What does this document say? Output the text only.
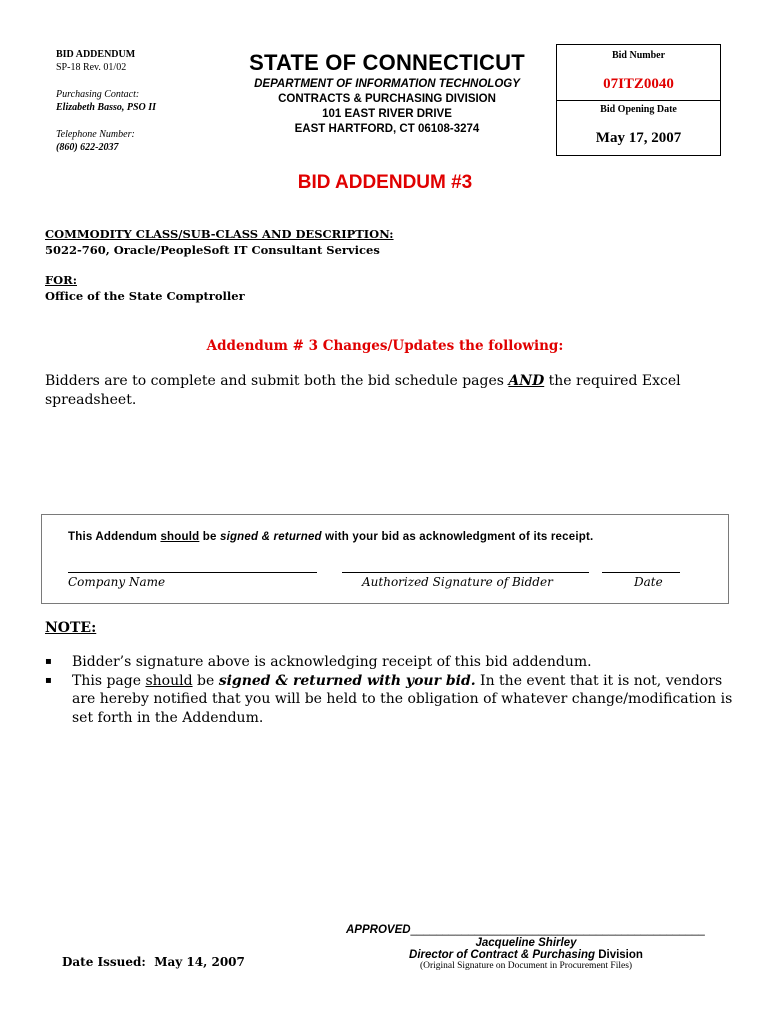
BID ADDENDUM
SP-18 Rev. 01/02
Purchasing Contact:
Elizabeth Basso, PSO II
Telephone Number:
(860) 622-2037
STATE OF CONNECTICUT
DEPARTMENT OF INFORMATION TECHNOLOGY
CONTRACTS & PURCHASING DIVISION
101 EAST RIVER DRIVE
EAST HARTFORD, CT 06108-3274
Bid Number
07ITZ0040
Bid Opening Date
May 17, 2007
BID ADDENDUM #3
COMMODITY CLASS/SUB-CLASS AND DESCRIPTION:
5022-760, Oracle/PeopleSoft IT Consultant Services
FOR:
Office of the State Comptroller
Addendum # 3 Changes/Updates the following:
Bidders are to complete and submit both the bid schedule pages AND the required Excel spreadsheet.
This Addendum should be signed & returned with your bid as acknowledgment of its receipt.
Company Name	Authorized Signature of Bidder	Date
NOTE:
▪ Bidder’s signature above is acknowledging receipt of this bid addendum.
▪ This page should be signed & returned with your bid. In the event that it is not, vendors are hereby notified that you will be held to the obligation of whatever change/modification is set forth in the Addendum.
APPROVED______________________________________________
Jacqueline Shirley
Director of Contract & Purchasing Division
(Original Signature on Document in Procurement Files)
Date Issued: May 14, 2007
